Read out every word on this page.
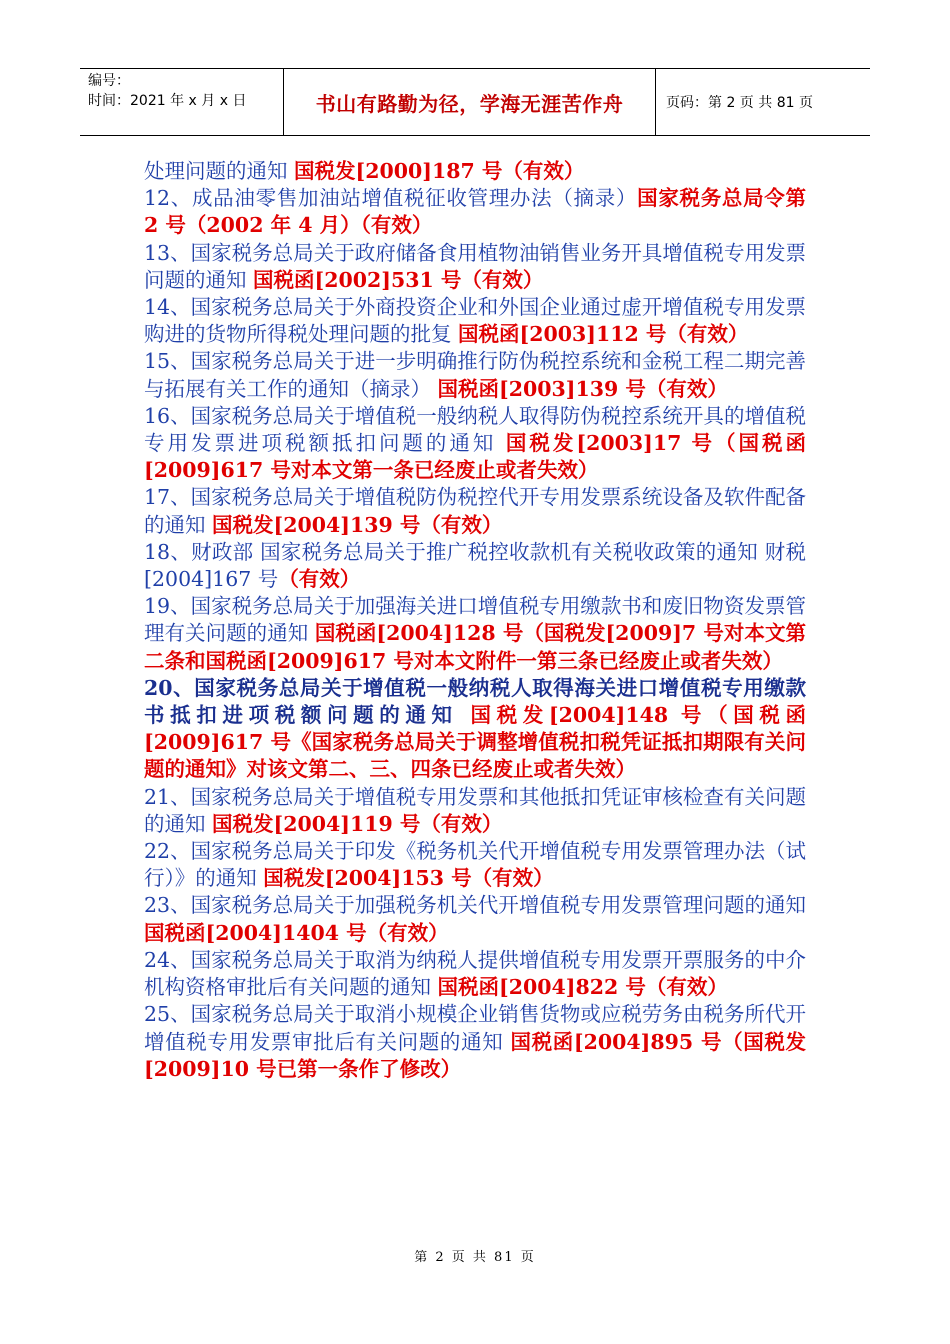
编号：
时间：2021 年 x 月 x 日	书山有路勤为径，学海无涯苦作舟	页码：第 2 页 共 81 页
处理问题的通知 国税发[2000]187 号（有效）
12、成品油零售加油站增值税征收管理办法（摘录）国家税务总局令第 2 号（2002 年 4 月）（有效）
13、国家税务总局关于政府储备食用植物油销售业务开具增值税专用发票问题的通知 国税函[2002]531 号（有效）
14、国家税务总局关于外商投资企业和外国企业通过虚开增值税专用发票购进的货物所得税处理问题的批复 国税函[2003]112 号（有效）
15、国家税务总局关于进一步明确推行防伪税控系统和金税工程二期完善与拓展有关工作的通知（摘录） 国税函[2003]139 号（有效）
16、国家税务总局关于增值税一般纳税人取得防伪税控系统开具的增值税专用发票进项税额抵扣问题的通知 国税发[2003]17 号（国税函[2009]617 号对本文第一条已经废止或者失效）
17、国家税务总局关于增值税防伪税控代开专用发票系统设备及软件配备的通知 国税发[2004]139 号（有效）
18、财政部 国家税务总局关于推广税控收款机有关税收政策的通知 财税[2004]167 号（有效）
19、国家税务总局关于加强海关进口增值税专用缴款书和废旧物资发票管理有关问题的通知 国税函[2004]128 号（国税发[2009]7 号对本文第二条和国税函[2009]617 号对本文附件一第三条已经废止或者失效）
20、国家税务总局关于增值税一般纳税人取得海关进口增值税专用缴款书抵扣进项税额问题的通知 国税发[2004]148 号（国税函[2009]617 号《国家税务总局关于调整增值税扣税凭证抵扣期限有关问题的通知》对该文第二、三、四条已经废止或者失效）
21、国家税务总局关于增值税专用发票和其他抵扣凭证审核检查有关问题的通知 国税发[2004]119 号（有效）
22、国家税务总局关于印发《税务机关代开增值税专用发票管理办法（试行）》的通知 国税发[2004]153 号（有效）
23、国家税务总局关于加强税务机关代开增值税专用发票管理问题的通知 国税函[2004]1404 号（有效）
24、国家税务总局关于取消为纳税人提供增值税专用发票开票服务的中介机构资格审批后有关问题的通知 国税函[2004]822 号（有效）
25、国家税务总局关于取消小规模企业销售货物或应税劳务由税务所代开增值税专用发票审批后有关问题的通知 国税函[2004]895 号（国税发[2009]10 号已第一条作了修改）
第 2 页 共 81 页
